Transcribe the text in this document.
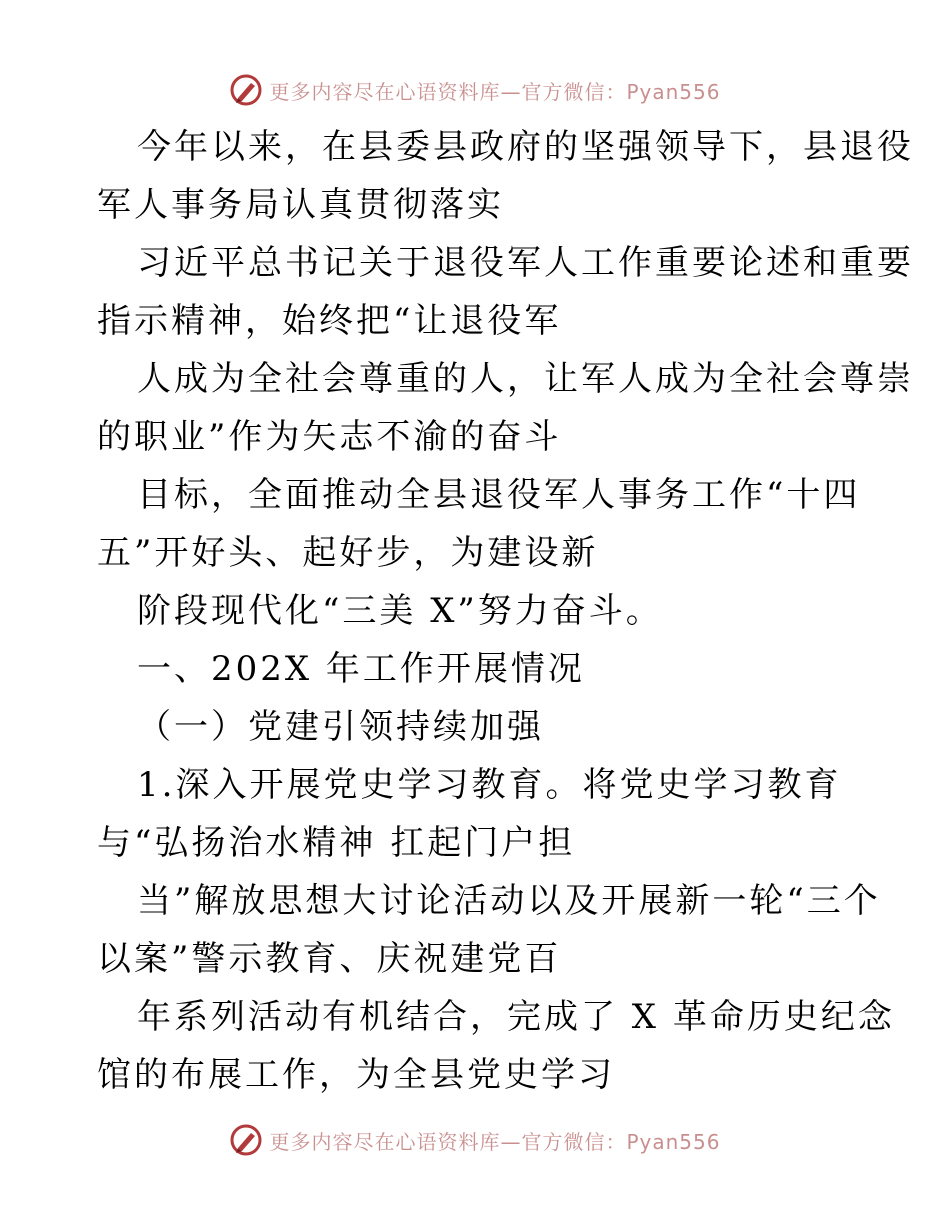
更多内容尽在心语资料库—官方微信：Pyan556
今年以来，在县委县政府的坚强领导下，县退役
军人事务局认真贯彻落实
习近平总书记关于退役军人工作重要论述和重要
指示精神，始终把“让退役军
人成为全社会尊重的人，让军人成为全社会尊崇
的职业”作为矢志不渝的奋斗
目标，全面推动全县退役军人事务工作“十四
五”开好头、起好步，为建设新
阶段现代化“三美 X”努力奋斗。
一、202X 年工作开展情况
（一）党建引领持续加强
1.深入开展党史学习教育。将党史学习教育
与“弘扬治水精神 扛起门户担
当”解放思想大讨论活动以及开展新一轮“三个
以案”警示教育、庆祝建党百
年系列活动有机结合，完成了 X 革命历史纪念
馆的布展工作，为全县党史学习
更多内容尽在心语资料库—官方微信：Pyan556
